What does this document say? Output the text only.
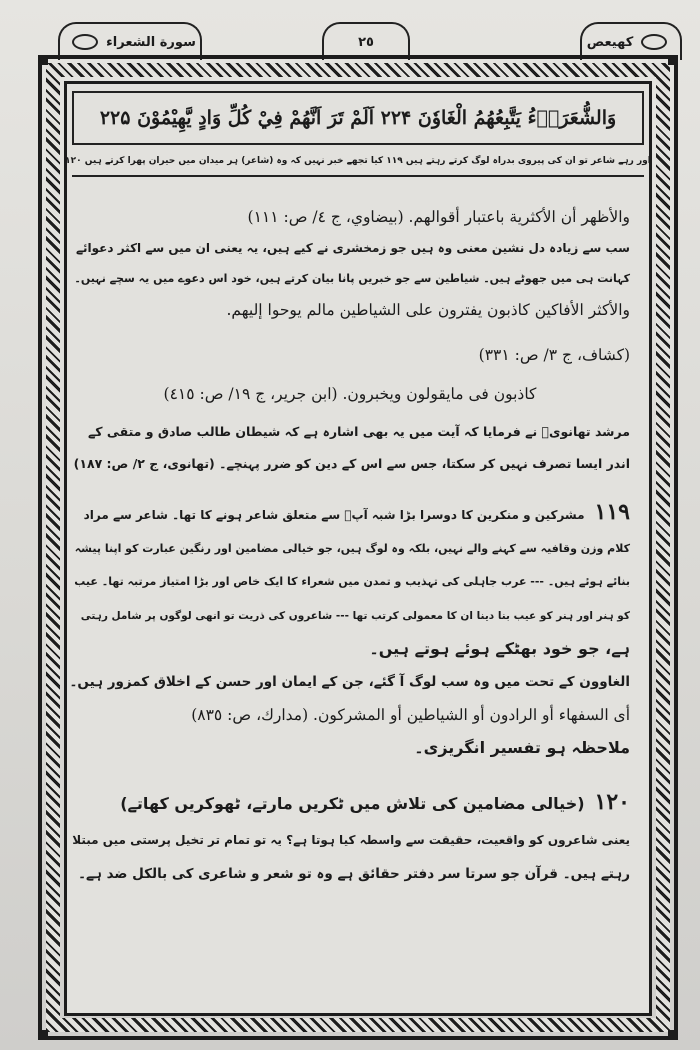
سورة الشعراء	٢٥	كهيعص
وَالشُّعَرَاۤءُ يَتَّبِعُهُمُ الْغَاوٗنَ ۲۲۴ اَلَمْ تَرَ اَنَّهُمْ فِيْ كُلِّ وَادٍ يَّهِيْمُوْنَ ۲۲۵
اور رہے شاعر تو ان کی پیروی بدراہ لوگ کرتے رہتے ہیں ۱۱۹ کیا تجھے خبر نہیں کہ وہ (شاعر) ہر میدان میں حیران پھرا کرتے ہیں ۱۲۰
والأظهر أن الأكثرية باعتبار أقوالهم. (بيضاوي، ج ٤/ ص: ١١١)
سب سے زیادہ دل نشین معنی وہ ہیں جو زمخشری نے کیے ہیں، یہ یعنی ان میں سے اکثر دعوائے
کہانت ہی میں جھوٹے ہیں۔ شیاطین سے جو خبریں پانا بیان کرتے ہیں، خود اس دعوے میں یہ سچے نہیں۔
والأكثر الأفاكين كاذبون يفترون على الشياطين مالم يوحوا إليهم.
(كشاف، ج ٣/ ص: ٣٣١)
كاذبون فى مايقولون ويخبرون. (ابن جرير، ج ١٩/ ص: ٤١٥)
مرشد تھانویؒ نے فرمایا کہ آیت میں یہ بھی اشارہ ہے کہ شیطان طالب صادق و متقی کے
اندر ایسا تصرف نہیں کر سکتا، جس سے اس کے دین کو ضرر پہنچے۔ (تھانوی، ج ٢/ ص: ١٨٧)
۱۱۹مشرکین و منکرین کا دوسرا بڑا شبہ آپؐ سے متعلق شاعر ہونے کا تھا۔ شاعر سے مراد
کلام وزن وقافیہ سے کہنے والے نہیں، بلکہ وہ لوگ ہیں، جو خیالی مضامین اور رنگین عبارت کو اپنا پیشہ
بنائے ہوئے ہیں۔ --- عرب جاہلی کی تہذیب و تمدن میں شعراء کا ایک خاص اور بڑا امتیاز مرتبہ تھا۔ عیب
کو ہنر اور ہنر کو عیب بنا دینا ان کا معمولی کرتب تھا --- شاعروں کی ذریت تو انھی لوگوں پر شامل رہتی
ہے، جو خود بھٹکے ہوئے ہوتے ہیں۔
الغاوون کے تحت میں وہ سب لوگ آ گئے، جن کے ایمان اور حسن کے اخلاق کمزور ہیں۔
أى السفهاء أو الرادون أو الشياطين أو المشركون. (مدارك، ص: ٨٣٥)
ملاحظہ ہو تفسیر انگریزی۔
۱۲۰(خیالی مضامین کی تلاش میں ٹکریں مارتے، ٹھوکریں کھاتے)
یعنی شاعروں کو واقعیت، حقیقت سے واسطہ کیا ہوتا ہے؟ یہ تو تمام تر تخیل پرستی میں مبتلا
رہتے ہیں۔ قرآن جو سرتا سر دفتر حقائق ہے وہ تو شعر و شاعری کی بالکل ضد ہے۔
